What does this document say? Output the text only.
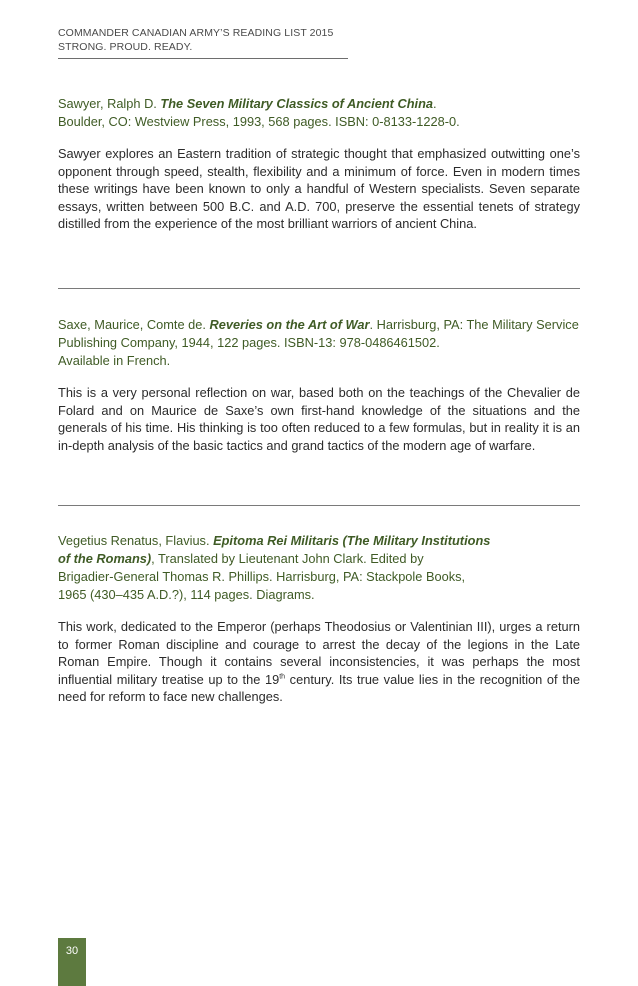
COMMANDER CANADIAN ARMY’S READING LIST 2015
STRONG. PROUD. READY.

Sawyer, Ralph D. The Seven Military Classics of Ancient China.
Boulder, CO: Westview Press, 1993, 568 pages. ISBN: 0-8133-1228-0.

Sawyer explores an Eastern tradition of strategic thought that emphasized outwitting one’s opponent through speed, stealth, flexibility and a minimum of force. Even in modern times these writings have been known to only a handful of Western specialists. Seven separate essays, written between 500 B.C. and A.D. 700, preserve the essential tenets of strategy distilled from the experience of the most brilliant warriors of ancient China.

Saxe, Maurice, Comte de. Reveries on the Art of War. Harrisburg, PA: The Military Service Publishing Company, 1944, 122 pages. ISBN-13: 978-0486461502.
Available in French.

This is a very personal reflection on war, based both on the teachings of the Chevalier de Folard and on Maurice de Saxe’s own first-hand knowledge of the situations and the generals of his time. His thinking is too often reduced to a few formulas, but in reality it is an in-depth analysis of the basic tactics and grand tactics of the modern age of warfare.

Vegetius Renatus, Flavius. Epitoma Rei Militaris (The Military Institutions
of the Romans), Translated by Lieutenant John Clark. Edited by
Brigadier-General Thomas R. Phillips. Harrisburg, PA: Stackpole Books,
1965 (430–435 A.D.?), 114 pages. Diagrams.

This work, dedicated to the Emperor (perhaps Theodosius or Valentinian III), urges a return to former Roman discipline and courage to arrest the decay of the legions in the Late Roman Empire. Though it contains several inconsistencies, it was perhaps the most influential military treatise up to the 19th century. Its true value lies in the recognition of the need for reform to face new challenges.

30
